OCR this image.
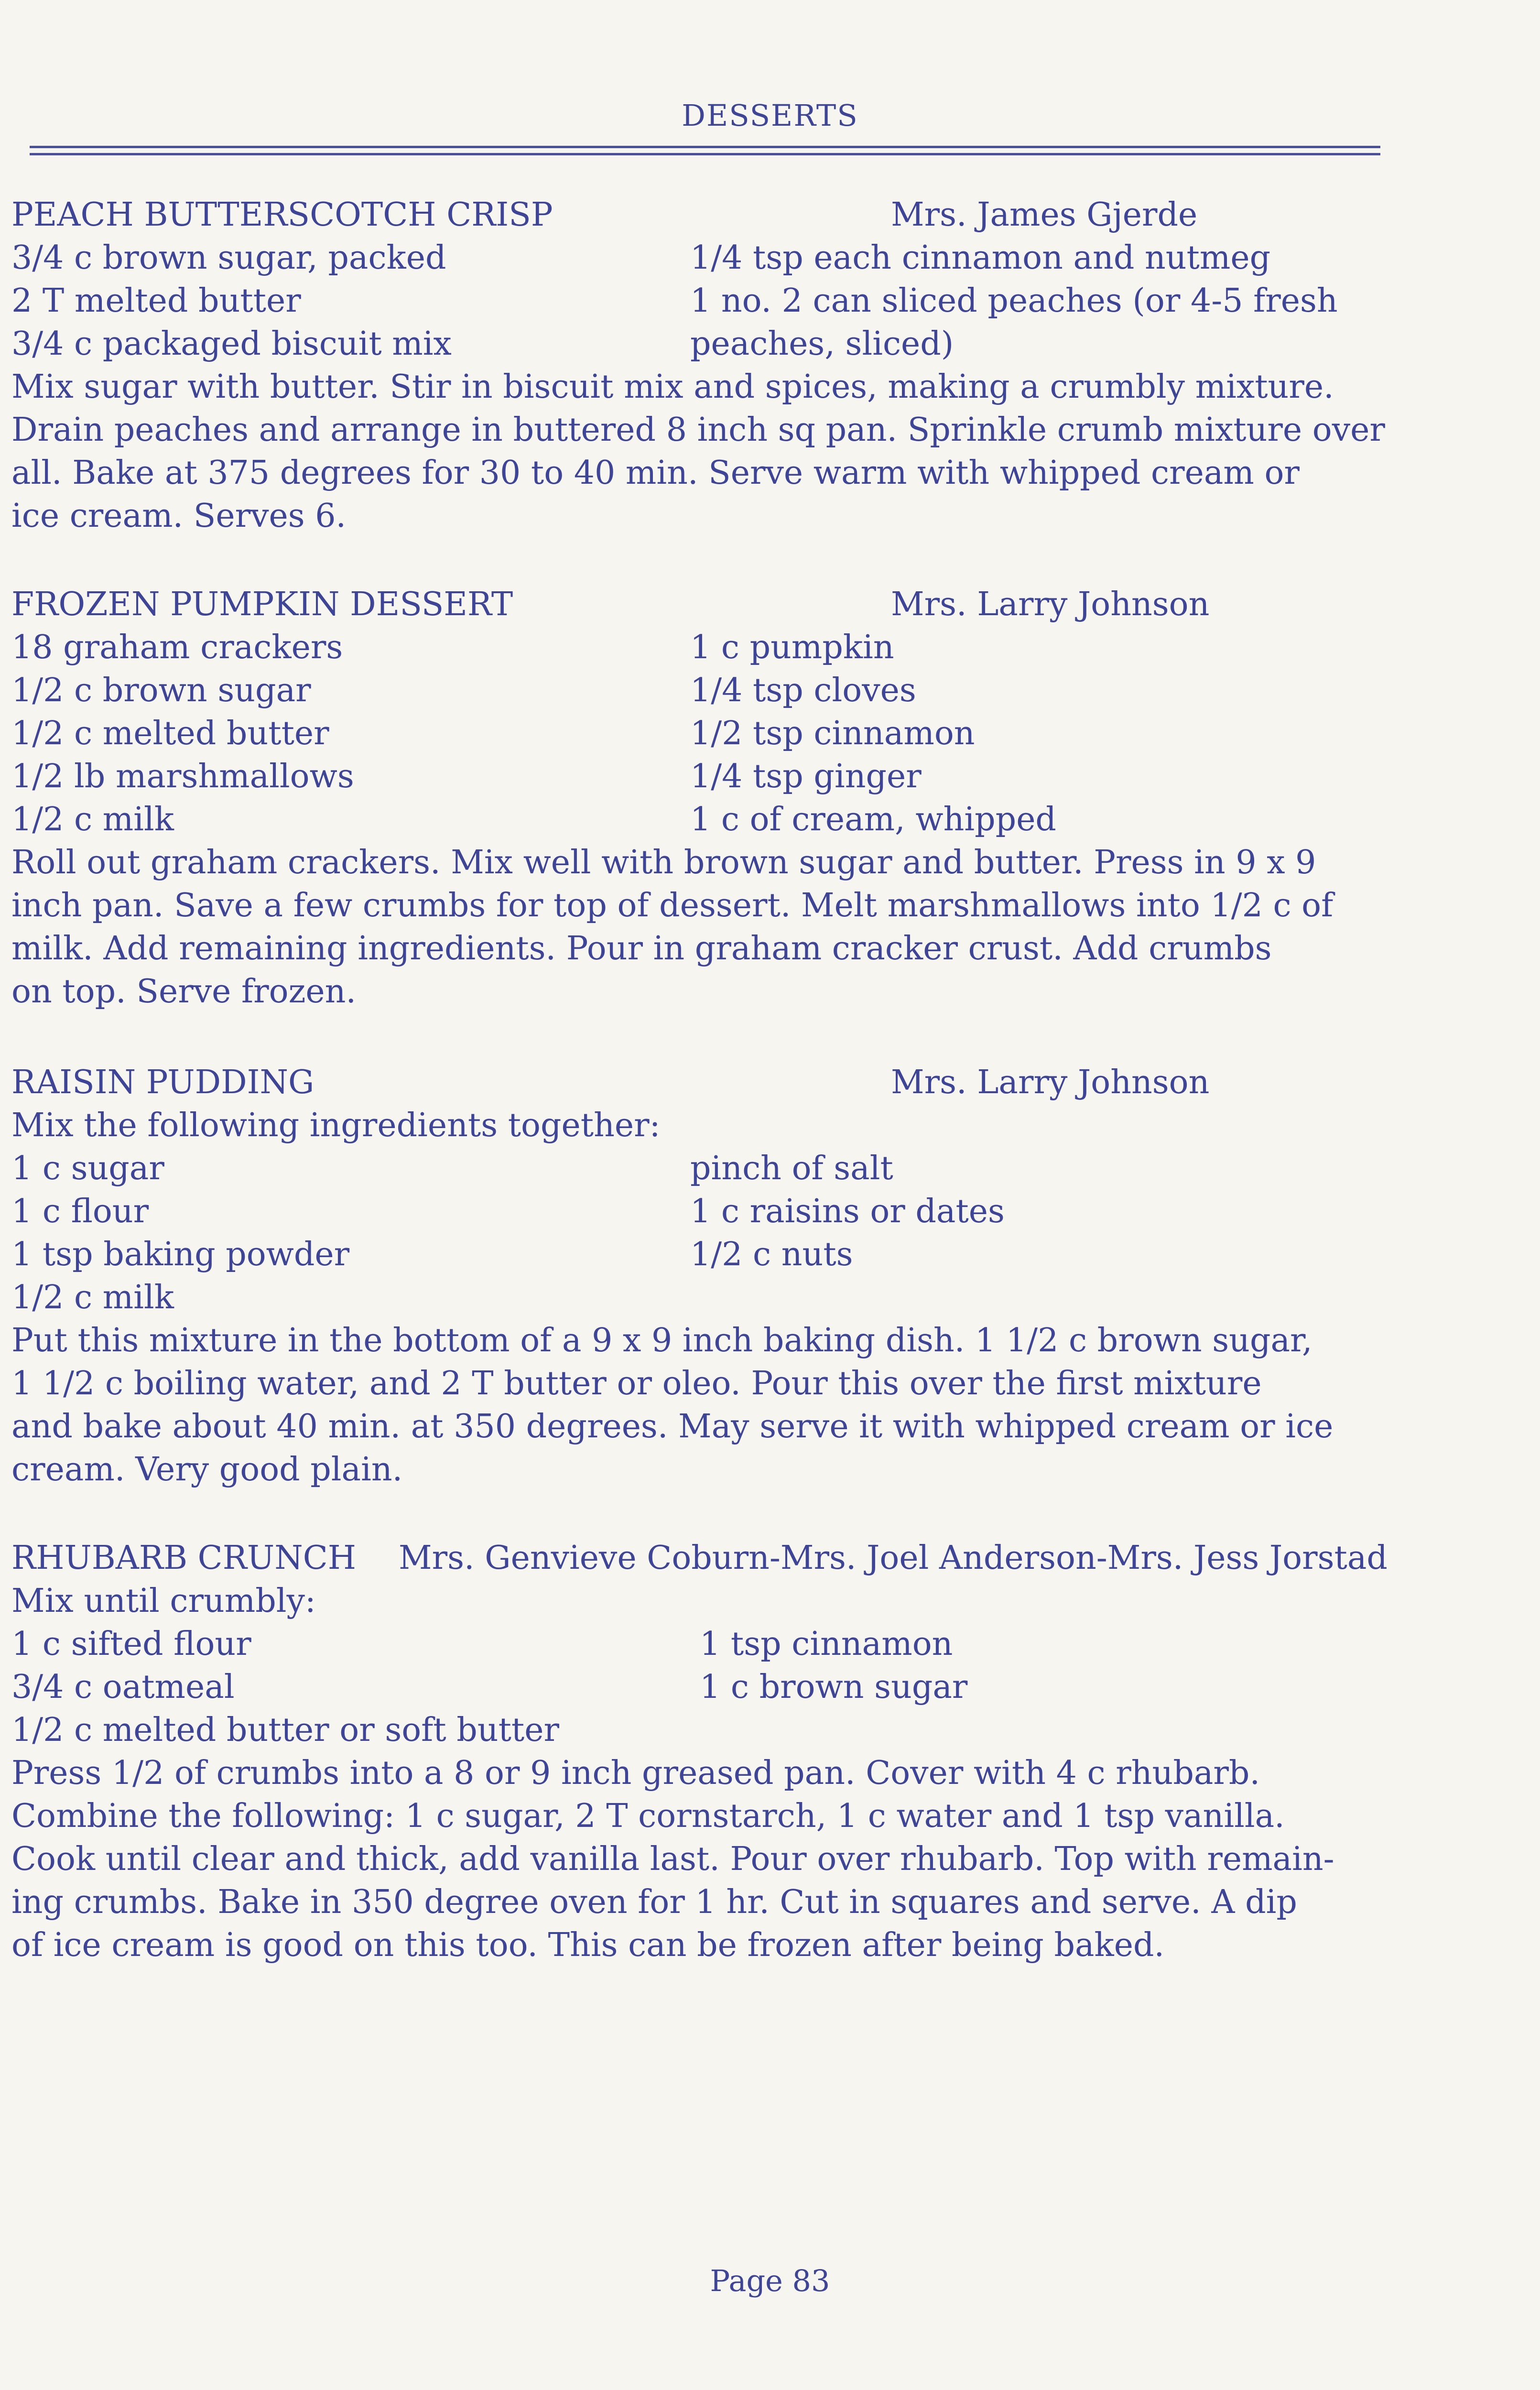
DESSERTS
PEACH BUTTERSCOTCH CRISP	Mrs. James Gjerde
3/4 c brown sugar, packed	1/4 tsp each cinnamon and nutmeg
2 T melted butter	1 no. 2 can sliced peaches (or 4-5 fresh
3/4 c packaged biscuit mix	peaches, sliced)
Mix sugar with butter. Stir in biscuit mix and spices, making a crumbly mixture.
Drain peaches and arrange in buttered 8 inch sq pan. Sprinkle crumb mixture over
all. Bake at 375 degrees for 30 to 40 min. Serve warm with whipped cream or
ice cream. Serves 6.
FROZEN PUMPKIN DESSERT	Mrs. Larry Johnson
18 graham crackers	1 c pumpkin
1/2 c brown sugar	1/4 tsp cloves
1/2 c melted butter	1/2 tsp cinnamon
1/2 lb marshmallows	1/4 tsp ginger
1/2 c milk	1 c of cream, whipped
Roll out graham crackers. Mix well with brown sugar and butter. Press in 9 x 9
inch pan. Save a few crumbs for top of dessert. Melt marshmallows into 1/2 c of
milk. Add remaining ingredients. Pour in graham cracker crust. Add crumbs
on top. Serve frozen.
RAISIN PUDDING	Mrs. Larry Johnson
Mix the following ingredients together:
1 c sugar	pinch of salt
1 c flour	1 c raisins or dates
1 tsp baking powder	1/2 c nuts
1/2 c milk
Put this mixture in the bottom of a 9 x 9 inch baking dish. 1 1/2 c brown sugar,
1 1/2 c boiling water, and 2 T butter or oleo. Pour this over the first mixture
and bake about 40 min. at 350 degrees. May serve it with whipped cream or ice
cream. Very good plain.
RHUBARB CRUNCH Mrs. Genvieve Coburn-Mrs. Joel Anderson-Mrs. Jess Jorstad
Mix until crumbly:
1 c sifted flour	1 tsp cinnamon
3/4 c oatmeal	1 c brown sugar
1/2 c melted butter or soft butter
Press 1/2 of crumbs into a 8 or 9 inch greased pan. Cover with 4 c rhubarb.
Combine the following: 1 c sugar, 2 T cornstarch, 1 c water and 1 tsp vanilla.
Cook until clear and thick, add vanilla last. Pour over rhubarb. Top with remain-
ing crumbs. Bake in 350 degree oven for 1 hr. Cut in squares and serve. A dip
of ice cream is good on this too. This can be frozen after being baked.
Page 83
